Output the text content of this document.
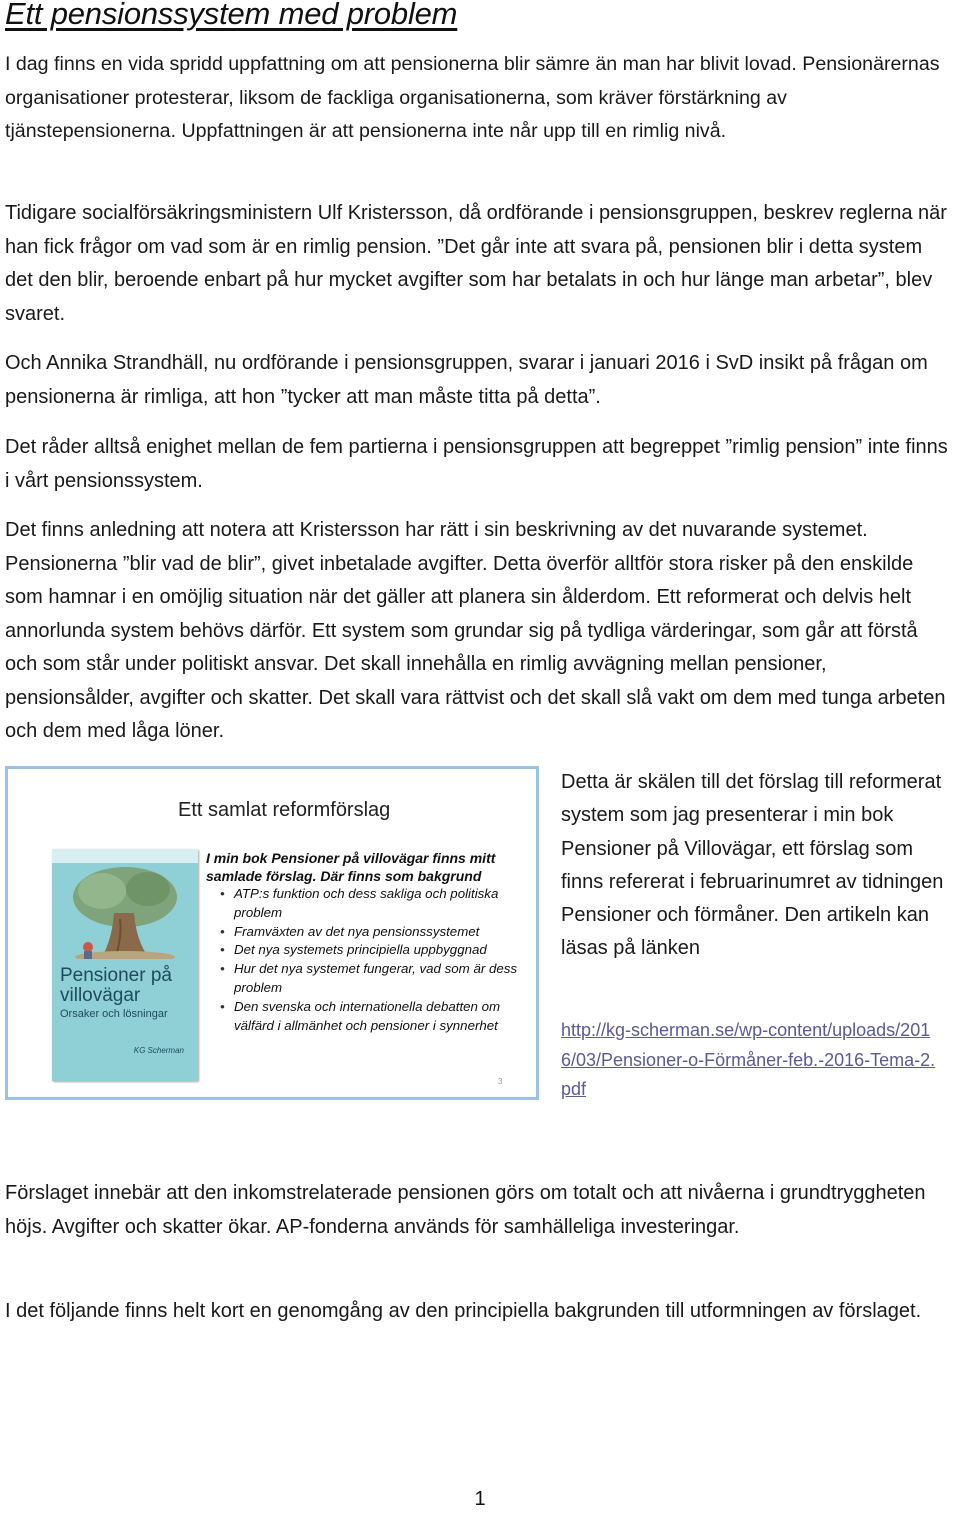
Ett pensionssystem med problem

I dag finns en vida spridd uppfattning om att pensionerna blir sämre än man har blivit lovad. Pensionärernas organisationer protesterar, liksom de fackliga organisationerna, som kräver förstärkning av tjänstepensionerna. Uppfattningen är att pensionerna inte når upp till en rimlig nivå.

Tidigare socialförsäkringsministern Ulf Kristersson, då ordförande i pensionsgruppen, beskrev reglerna när han fick frågor om vad som är en rimlig pension. ”Det går inte att svara på, pensionen blir i detta system det den blir, beroende enbart på hur mycket avgifter som har betalats in och hur länge man arbetar”, blev svaret.

Och Annika Strandhäll, nu ordförande i pensionsgruppen, svarar i januari 2016 i SvD insikt på frågan om pensionerna är rimliga, att hon ”tycker att man måste titta på detta”.

Det råder alltså enighet mellan de fem partierna i pensionsgruppen att begreppet ”rimlig pension” inte finns i vårt pensionssystem.

Det finns anledning att notera att Kristersson har rätt i sin beskrivning av det nuvarande systemet. Pensionerna ”blir vad de blir”, givet inbetalade avgifter. Detta överför alltför stora risker på den enskilde som hamnar i en omöjlig situation när det gäller att planera sin ålderdom. Ett reformerat och delvis helt annorlunda system behövs därför. Ett system som grundar sig på tydliga värderingar, som går att förstå och som står under politiskt ansvar. Det skall innehålla en rimlig avvägning mellan pensioner, pensionsålder, avgifter och skatter. Det skall vara rättvist och det skall slå vakt om dem med tunga arbeten och dem med låga löner.

Ett samlat reformförslag
Pensioner på villovägar
Orsaker och lösningar
KG Scherman
I min bok Pensioner på villovägar finns mitt samlade förslag. Där finns som bakgrund
• ATP:s funktion och dess sakliga och politiska problem
• Framväxten av det nya pensionssystemet
• Det nya systemets principiella uppbyggnad
• Hur det nya systemet fungerar, vad som är dess problem
• Den svenska och internationella debatten om välfärd i allmänhet och pensioner i synnerhet
3

Detta är skälen till det förslag till reformerat system som jag presenterar i min bok Pensioner på Villovägar, ett förslag som finns refererat i februarinumret av tidningen Pensioner och förmåner. Den artikeln kan läsas på länken

http://kg-scherman.se/wp-content/uploads/2016/03/Pensioner-o-Förmåner-feb.-2016-Tema-2.pdf

Förslaget innebär att den inkomstrelaterade pensionen görs om totalt och att nivåerna i grundtryggheten höjs. Avgifter och skatter ökar. AP-fonderna används för samhälleliga investeringar.

I det följande finns helt kort en genomgång av den principiella bakgrunden till utformningen av förslaget.

1
